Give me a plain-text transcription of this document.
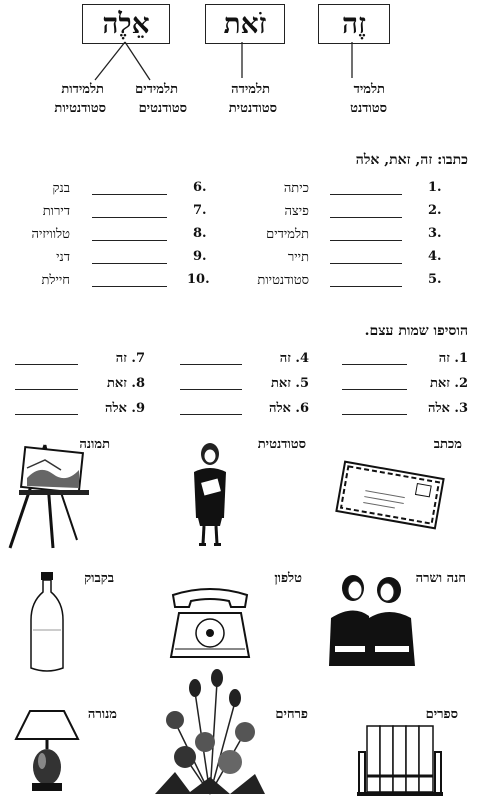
זֶה
זֹאת
אֵלֶה
תלמיד
סטודנט
תלמידה
סטודנטית
תלמידים
תלמידות
סטודנטים
סטודנטיות
כתבו: זה, זאת, אלה
1.
כיתה
2.
פיצה
3.
תלמידים
4.
תייר
5.
סטודנטיות
6.
בנק
7.
דירות
8.
טלוויזיה
9.
דני
10.
חיילת
הוסיפו שמות עצם.
1. זה
4. זה
7. זה
2. זאת
5. זאת
8. זאת
3. אלה
6. אלה
9. אלה
מכתב
סטודנטית
תמונה
חנה ושרה
טלפון
בקבוק
ספרים
פרחים
מנורה
